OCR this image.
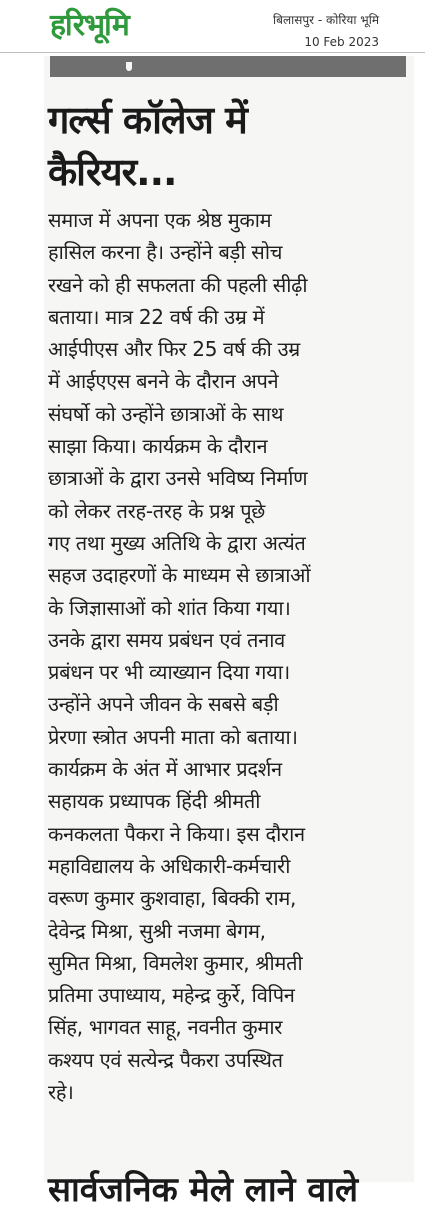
हरिभूमि	बिलासपुर - कोरिया भूमि
10 Feb 2023
गर्ल्स कॉलेज में
कैरियर...
समाज में अपना एक श्रेष्ठ मुकाम
हासिल करना है। उन्होंने बड़ी सोच
रखने को ही सफलता की पहली सीढ़ी
बताया। मात्र 22 वर्ष की उम्र में
आईपीएस और फिर 25 वर्ष की उम्र
में आईएएस बनने के दौरान अपने
संघर्षो को उन्होंने छात्राओं के साथ
साझा किया। कार्यक्रम के दौरान
छात्राओं के द्वारा उनसे भविष्य निर्माण
को लेकर तरह-तरह के प्रश्न पूछे
गए तथा मुख्य अतिथि के द्वारा अत्यंत
सहज उदाहरणों के माध्यम से छात्राओं
के जिज्ञासाओं को शांत किया गया।
उनके द्वारा समय प्रबंधन एवं तनाव
प्रबंधन पर भी व्याख्यान दिया गया।
उन्होंने अपने जीवन के सबसे बड़ी
प्रेरणा स्त्रोत अपनी माता को बताया।
कार्यक्रम के अंत में आभार प्रदर्शन
सहायक प्रध्यापक हिंदी श्रीमती
कनकलता पैकरा ने किया। इस दौरान
महाविद्यालय के अधिकारी-कर्मचारी
वरूण कुमार कुशवाहा, बिक्की राम,
देवेन्द्र मिश्रा, सुश्री नजमा बेगम,
सुमित मिश्रा, विमलेश कुमार, श्रीमती
प्रतिमा उपाध्याय, महेन्द्र कुर्रे, विपिन
सिंह, भागवत साहू, नवनीत कुमार
कश्यप एवं सत्येन्द्र पैकरा उपस्थित
रहे।
सार्वजनिक मेले लाने वाले
